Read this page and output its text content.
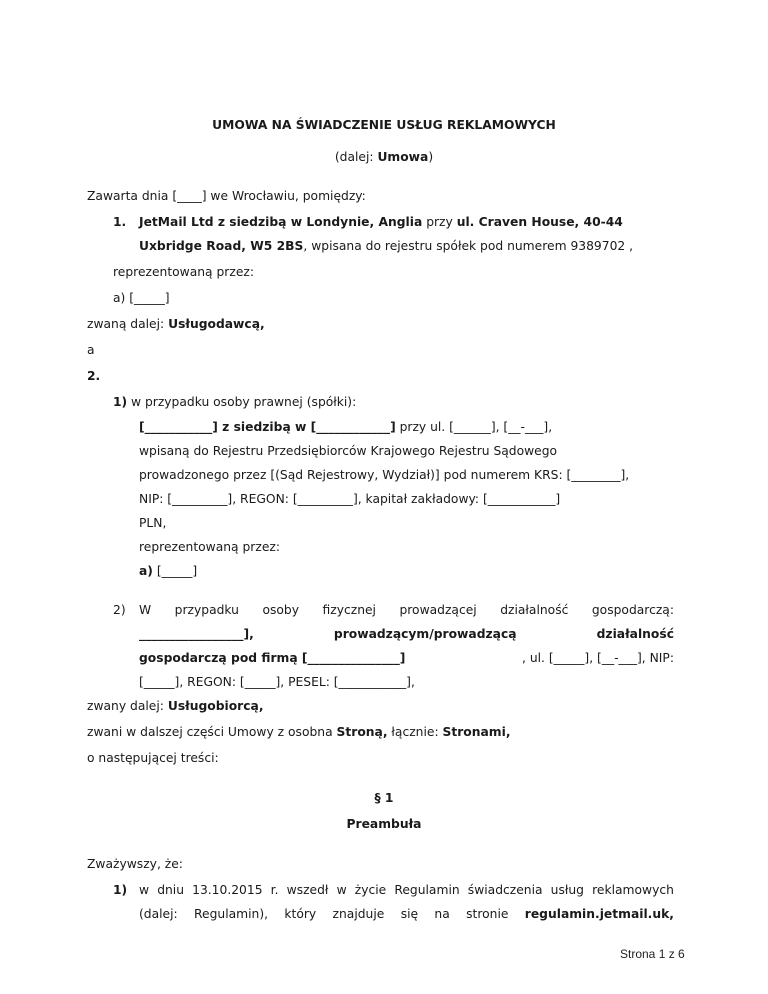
UMOWA NA ŚWIADCZENIE USŁUG REKLAMOWYCH
(dalej: Umowa)
Zawarta dnia [____] we Wrocławiu, pomiędzy:
1. JetMail Ltd z siedzibą w Londynie, Anglia przy ul. Craven House, 40-44
Uxbridge Road, W5 2BS, wpisana do rejestru spółek pod numerem 9389702 ,
reprezentowaną przez:
a) [_____]
zwaną dalej: Usługodawcą,
a
2.
1) w przypadku osoby prawnej (spółki):
[___________] z siedzibą w [____________] przy ul. [______], [__-___],
wpisaną do Rejestru Przedsiębiorców Krajowego Rejestru Sądowego
prowadzonego przez [(Sąd Rejestrowy, Wydział)] pod numerem KRS: [________],
NIP: [_________], REGON: [_________], kapitał zakładowy: [___________]
PLN,
reprezentowaną przez:
a) [_____]
2) W przypadku osoby fizycznej prowadzącej działalność gospodarczą:
_________________],	prowadzącym/prowadzącą	działalność
gospodarczą pod firmą [_______________]	, ul. [_____], [__-___], NIP:
[_____], REGON: [_____], PESEL: [___________],
zwany dalej: Usługobiorcą,
zwani w dalszej części Umowy z osobna Stroną, łącznie: Stronami,
o następującej treści:
§ 1
Preambuła
Zważywszy, że:
1) w dniu 13.10.2015 r. wszedł w życie Regulamin świadczenia usług reklamowych
(dalej: Regulamin), który znajduje się na stronie regulamin.jetmail.uk,
Strona 1 z 6
